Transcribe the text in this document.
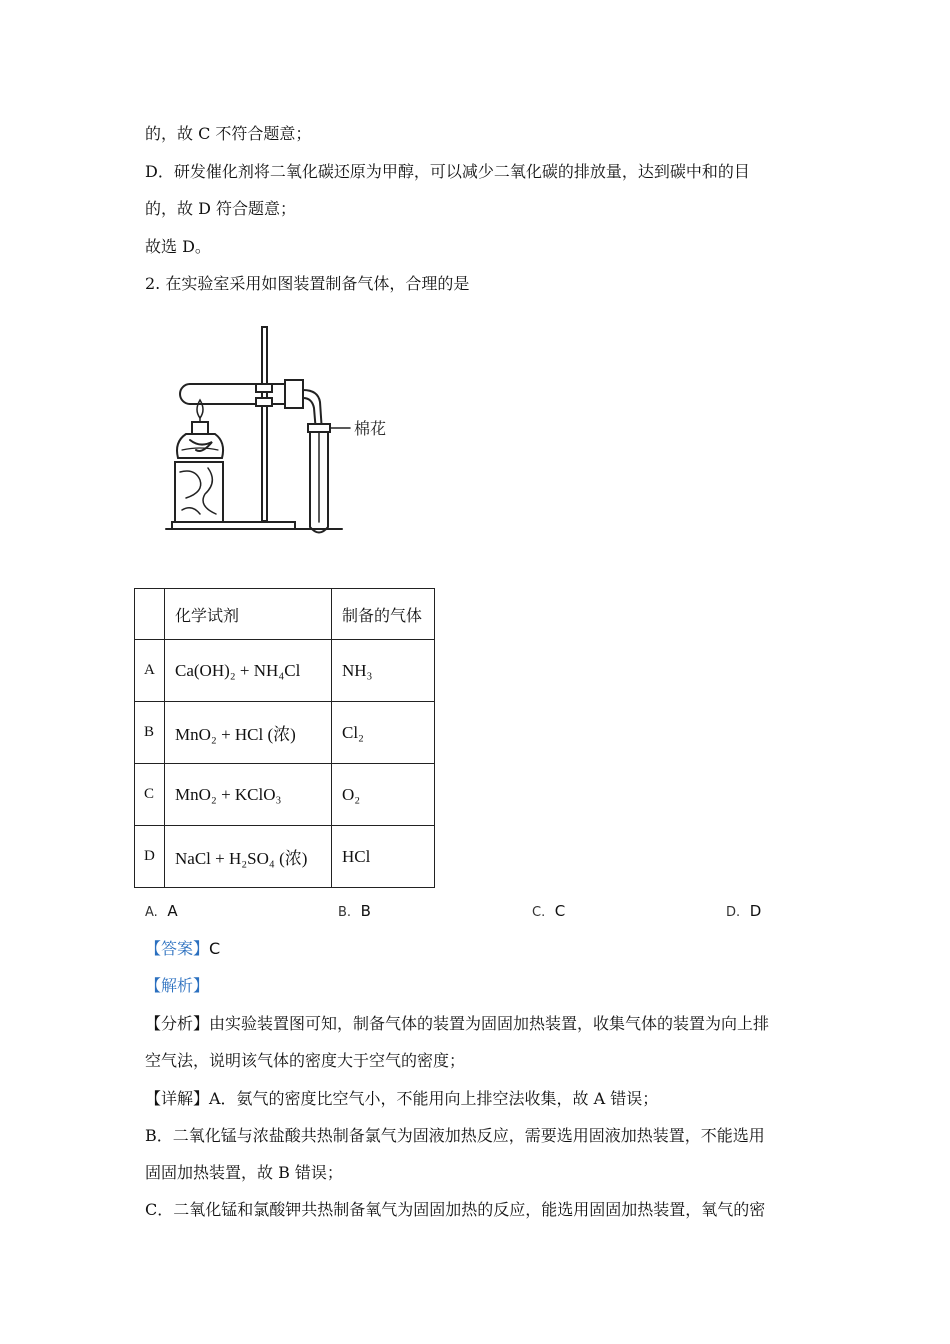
的，故 C 不符合题意；
D．研发催化剂将二氧化碳还原为甲醇，可以减少二氧化碳的排放量，达到碳中和的目
的，故 D 符合题意；
故选 D。
2. 在实验室采用如图装置制备气体，合理的是
棉花
	化学试剂	制备的气体
A	Ca(OH)₂ + NH₄Cl	NH₃
B	MnO₂ + HCl (浓)	Cl₂
C	MnO₂ + KClO₃	O₂
D	NaCl + H₂SO₄ (浓)	HCl
A. A	B. B	C. C	D. D
【答案】C
【解析】
【分析】由实验装置图可知，制备气体的装置为固固加热装置，收集气体的装置为向上排
空气法，说明该气体的密度大于空气的密度；
【详解】A．氨气的密度比空气小，不能用向上排空法收集，故 A 错误；
B．二氧化锰与浓盐酸共热制备氯气为固液加热反应，需要选用固液加热装置，不能选用
固固加热装置，故 B 错误；
C．二氧化锰和氯酸钾共热制备氧气为固固加热的反应，能选用固固加热装置，氧气的密
